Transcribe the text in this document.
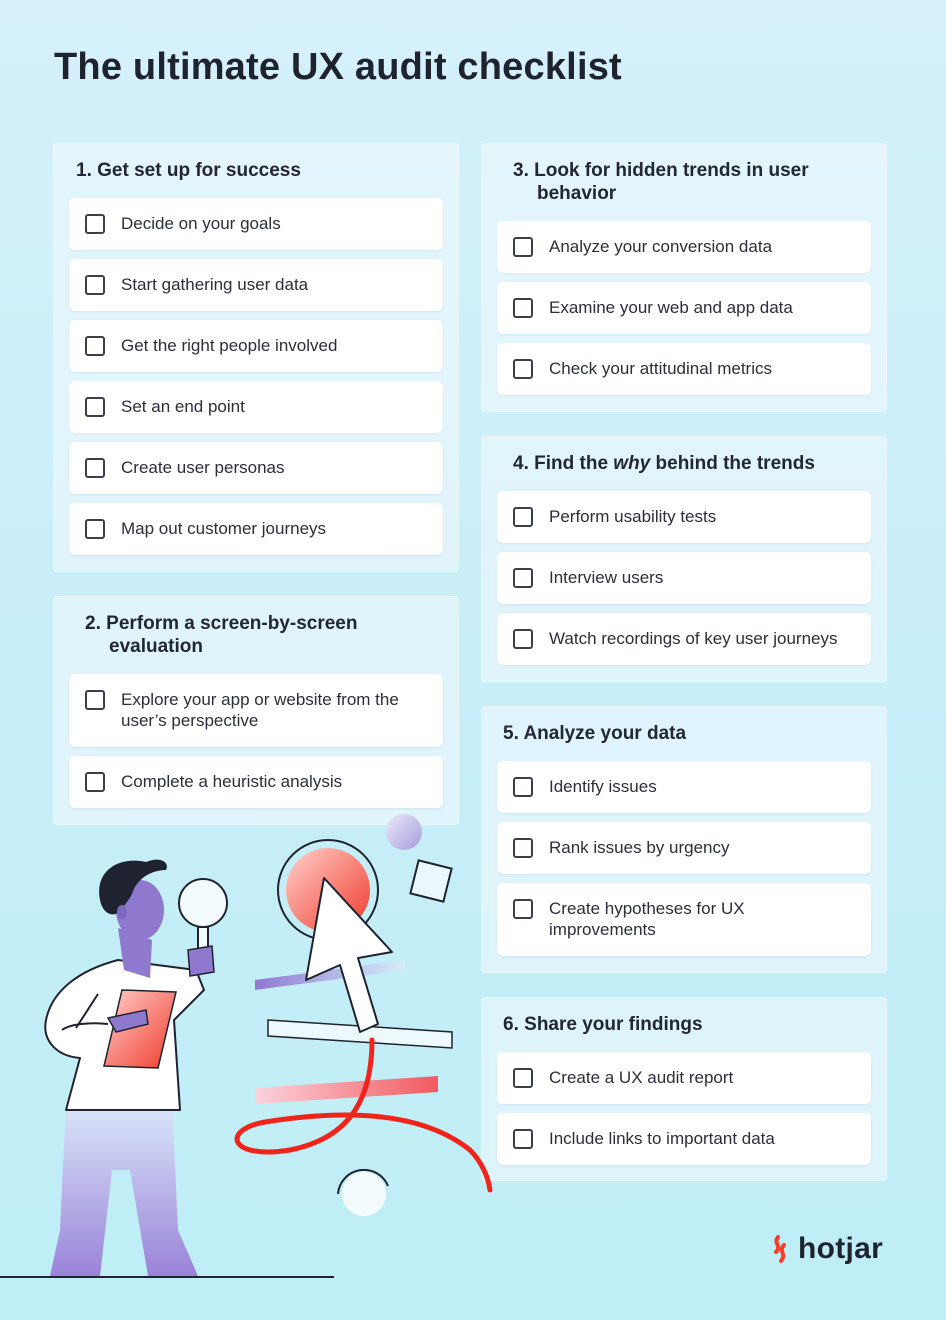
The ultimate UX audit checklist
1. Get set up for success
Decide on your goals
Start gathering user data
Get the right people involved
Set an end point
Create user personas
Map out customer journeys
2. Perform a screen-by-screen
evaluation
Explore your app or website from the user’s perspective
Complete a heuristic analysis
3. Look for hidden trends in user
behavior
Analyze your conversion data
Examine your web and app data
Check your attitudinal metrics
4. Find the why behind the trends
Perform usability tests
Interview users
Watch recordings of key user journeys
5. Analyze your data
Identify issues
Rank issues by urgency
Create hypotheses for UX improvements
6. Share your findings
Create a UX audit report
Include links to important data
hotjar
